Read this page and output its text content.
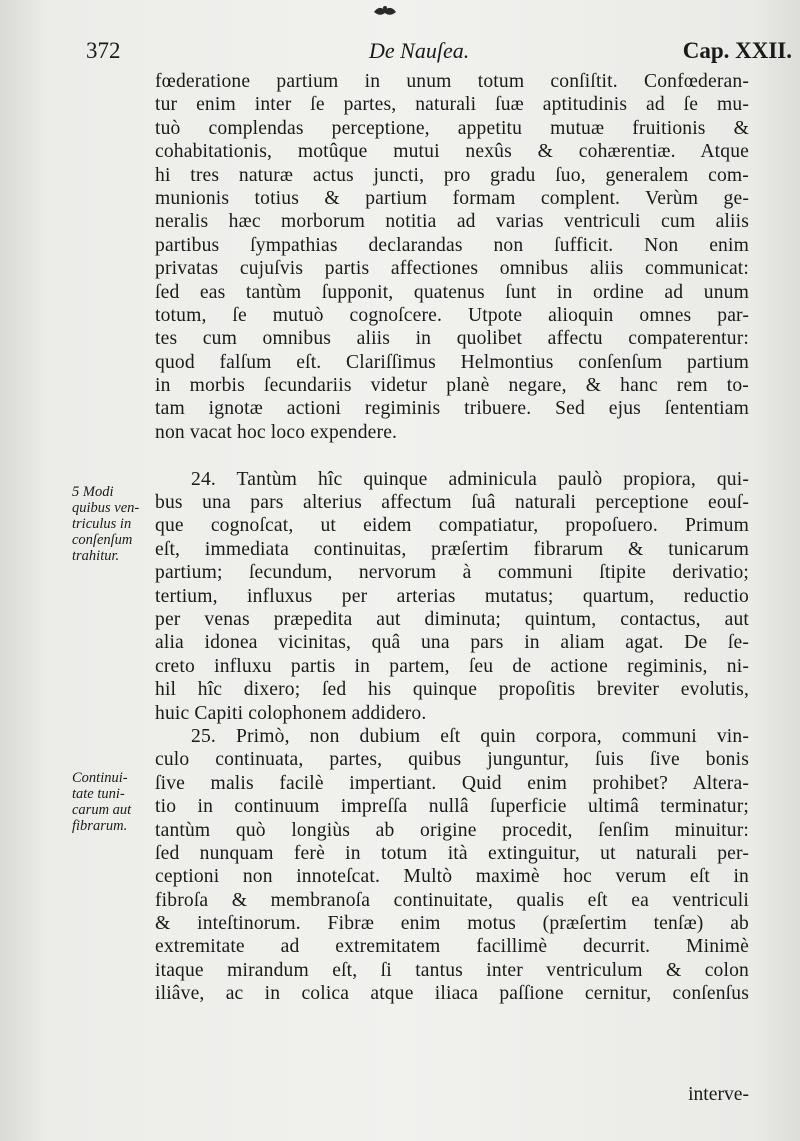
372	De Nauſea.	Cap. XXII.
5 Modi
quibus ven-
triculus in
conſenſum
trahitur.
Continui-
tate tuni-
carum aut
fibrarum.
fœderatione partium in unum totum conſiſtit. Confœderan-
tur enim inter ſe partes, naturali ſuæ aptitudinis ad ſe mu-
tuò complendas perceptione, appetitu mutuæ fruitionis &
cohabitationis, motûque mutui nexûs & cohærentiæ. Atque
hi tres naturæ actus juncti, pro gradu ſuo, generalem com-
munionis totius & partium formam complent. Verùm ge-
neralis hæc morborum notitia ad varias ventriculi cum aliis
partibus ſympathias declarandas non ſufficit. Non enim
privatas cujuſvis partis affectiones omnibus aliis communicat:
ſed eas tantùm ſupponit, quatenus ſunt in ordine ad unum
totum, ſe mutuò cognoſcere. Utpote alioquin omnes par-
tes cum omnibus aliis in quolibet affectu compaterentur:
quod falſum eſt. Clariſſimus Helmontius conſenſum partium
in morbis ſecundariis videtur planè negare, & hanc rem to-
tam ignotæ actioni regiminis tribuere. Sed ejus ſententiam
non vacat hoc loco expendere.
24. Tantùm hîc quinque adminicula paulò propiora, qui-
bus una pars alterius affectum ſuâ naturali perceptione eouſ-
que cognoſcat, ut eidem compatiatur, propoſuero. Primum
eſt, immediata continuitas, præſertim fibrarum & tunicarum
partium; ſecundum, nervorum à communi ſtipite derivatio;
tertium, influxus per arterias mutatus; quartum, reductio
per venas præpedita aut diminuta; quintum, contactus, aut
alia idonea vicinitas, quâ una pars in aliam agat. De ſe-
creto influxu partis in partem, ſeu de actione regiminis, ni-
hil hîc dixero; ſed his quinque propoſitis breviter evolutis,
huic Capiti colophonem addidero.
25. Primò, non dubium eſt quin corpora, communi vin-
culo continuata, partes, quibus junguntur, ſuis ſive bonis
ſive malis facilè impertiant. Quid enim prohibet? Altera-
tio in continuum impreſſa nullâ ſuperficie ultimâ terminatur;
tantùm quò longiùs ab origine procedit, ſenſim minuitur:
ſed nunquam ferè in totum ità extinguitur, ut naturali per-
ceptioni non innoteſcat. Multò maximè hoc verum eſt in
fibroſa & membranoſa continuitate, qualis eſt ea ventriculi
& inteſtinorum. Fibræ enim motus (præſertim tenſæ) ab
extremitate ad extremitatem facillimè decurrit. Minimè
itaque mirandum eſt, ſi tantus inter ventriculum & colon
iliâve, ac in colica atque iliaca paſſione cernitur, conſenſus
interve-
